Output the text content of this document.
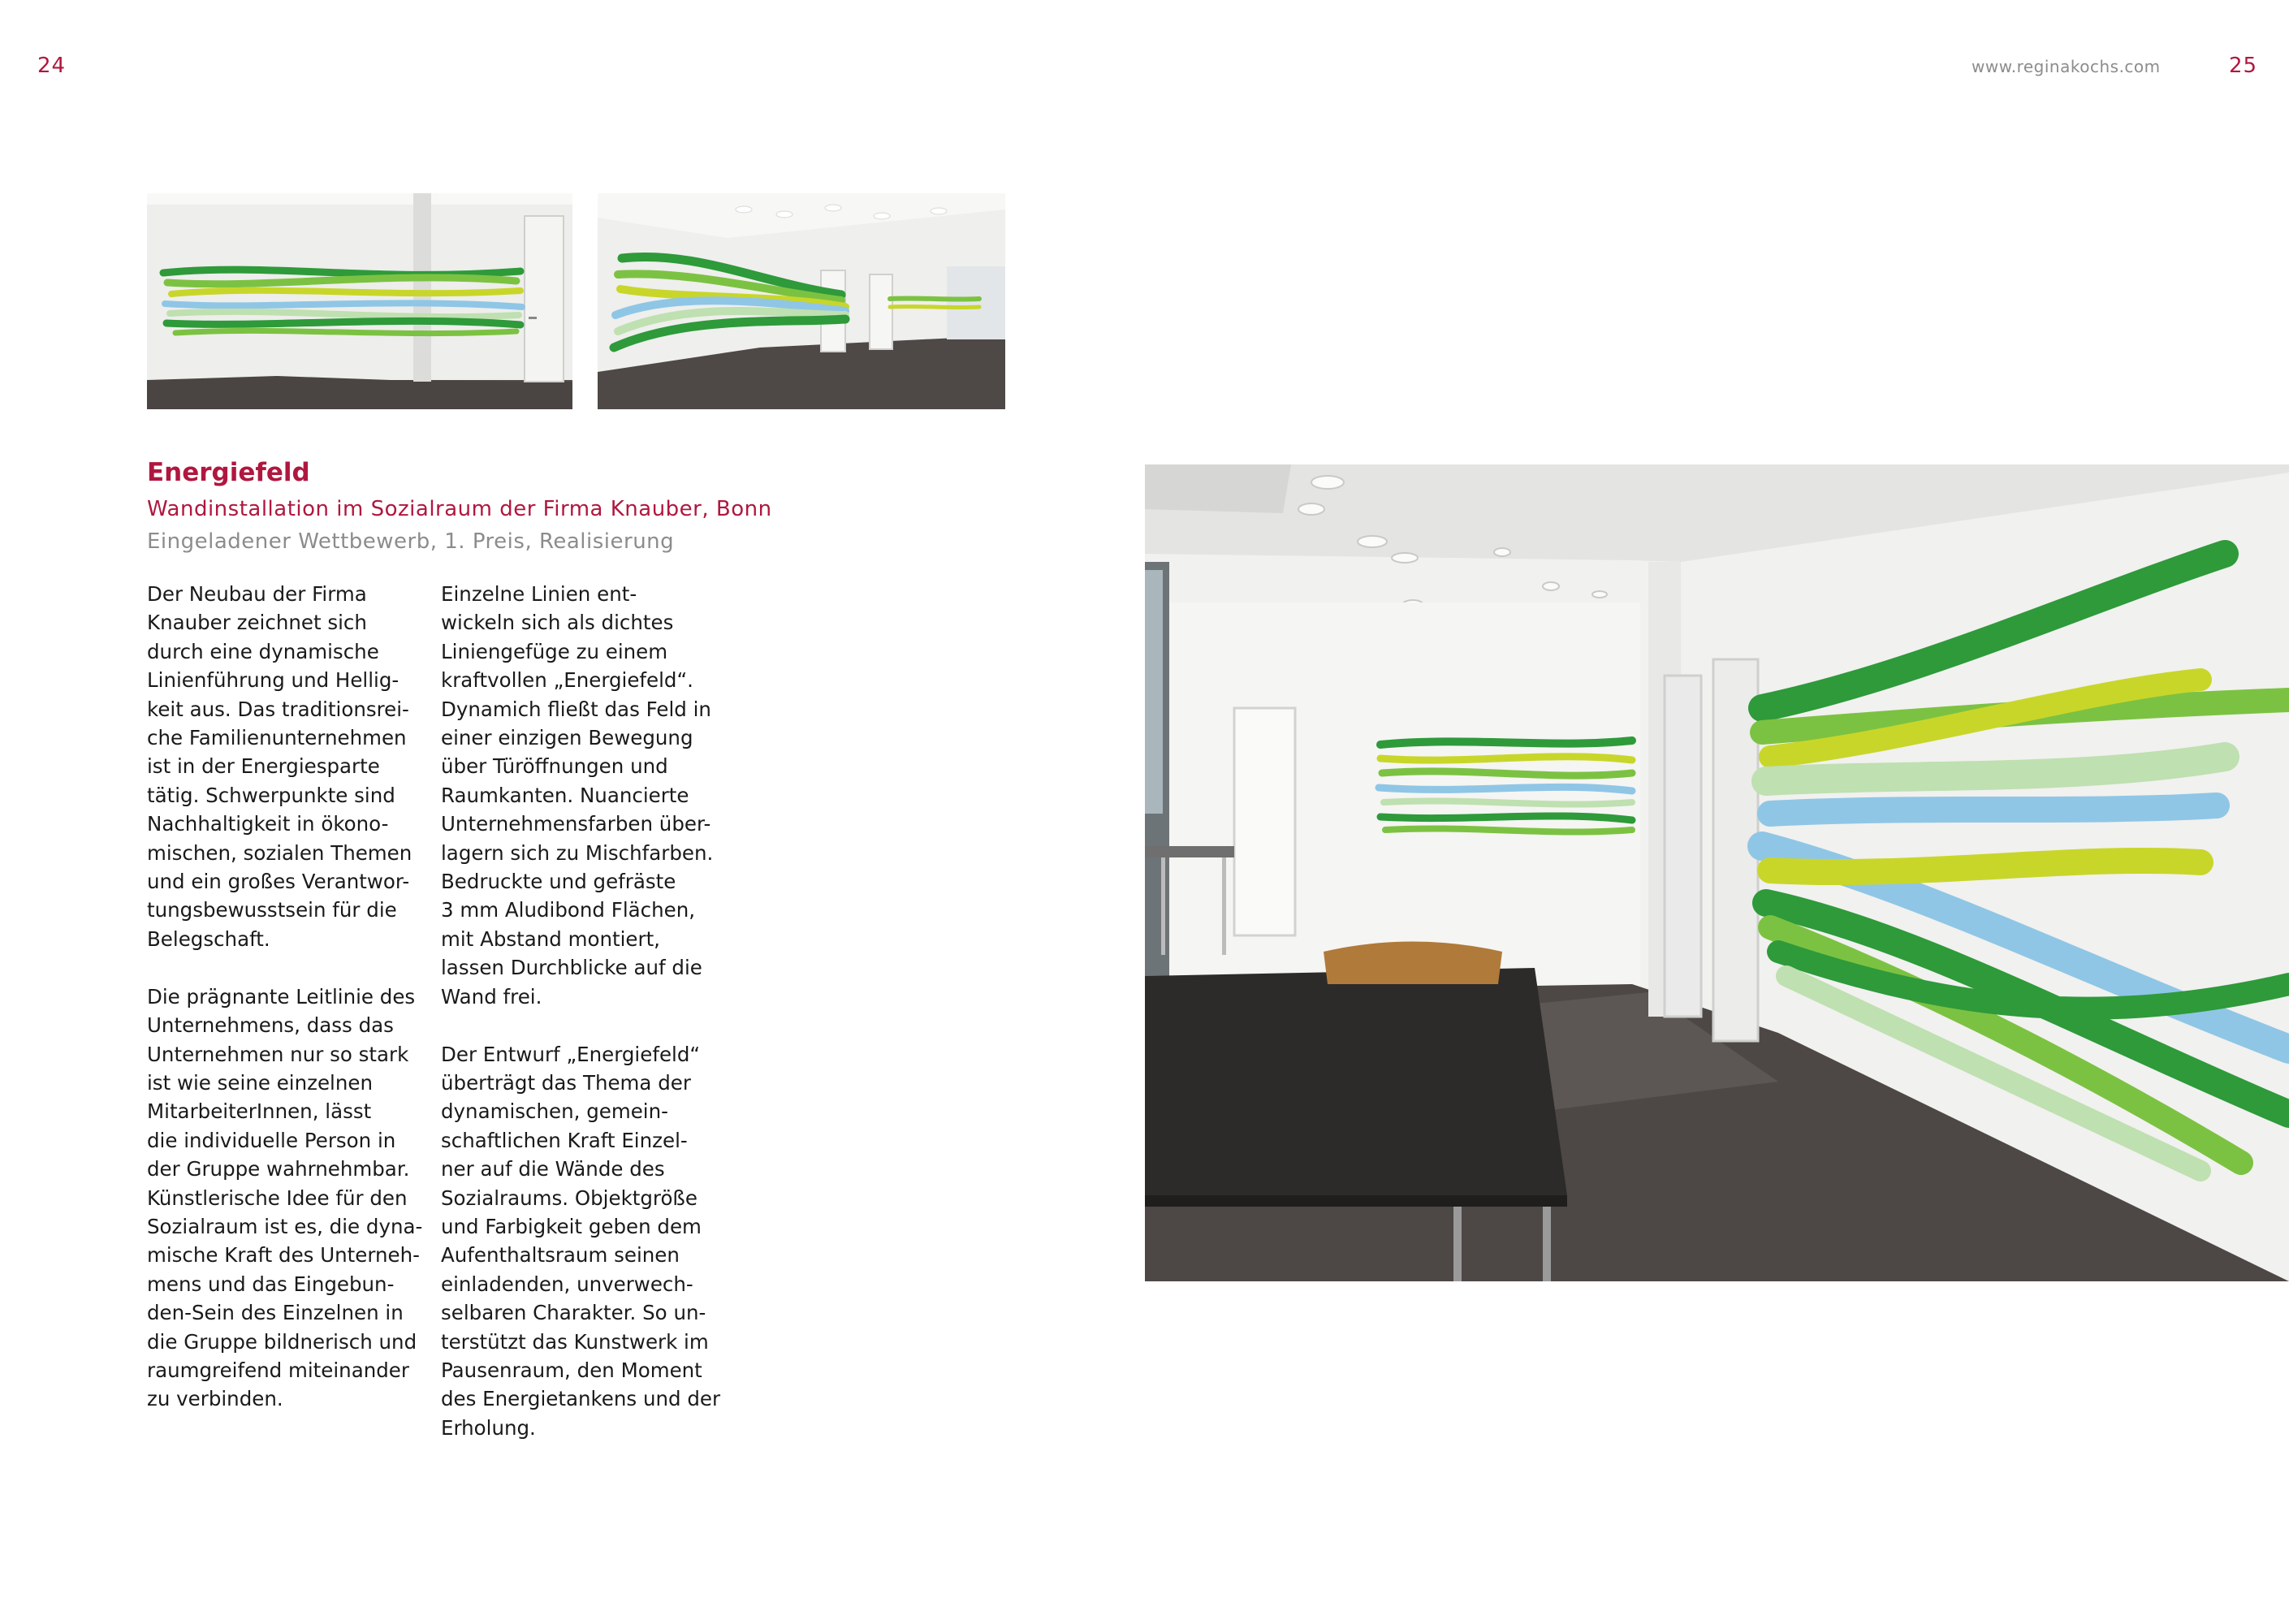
24	www.reginakochs.com	25
Energiefeld
Wandinstallation im Sozialraum der Firma Knauber, Bonn
Eingeladener Wettbewerb, 1. Preis, Realisierung
Der Neubau der Firma
Knauber zeichnet sich
durch eine dynamische
Linienführung und Hellig-
keit aus. Das traditionsrei-
che Familienunternehmen
ist in der Energiesparte
tätig. Schwerpunkte sind
Nachhaltigkeit in ökono-
mischen, sozialen Themen
und ein großes Verantwor-
tungsbewusstsein für die
Belegschaft.

Die prägnante Leitlinie des
Unternehmens, dass das
Unternehmen nur so stark
ist wie seine einzelnen
MitarbeiterInnen, lässt
die individuelle Person in
der Gruppe wahrnehmbar.
Künstlerische Idee für den
Sozialraum ist es, die dyna-
mische Kraft des Unterneh-
mens und das Eingebun-
den-Sein des Einzelnen in
die Gruppe bildnerisch und
raumgreifend miteinander
zu verbinden.
Einzelne Linien ent-
wickeln sich als dichtes
Liniengefüge zu einem
kraftvollen „Energiefeld“.
Dynamich fließt das Feld in
einer einzigen Bewegung
über Türöffnungen und
Raumkanten. Nuancierte
Unternehmensfarben über-
lagern sich zu Mischfarben.
Bedruckte und gefräste
3 mm Aludibond Flächen,
mit Abstand montiert,
lassen Durchblicke auf die
Wand frei.

Der Entwurf „Energiefeld“
überträgt das Thema der
dynamischen, gemein-
schaftlichen Kraft Einzel-
ner auf die Wände des
Sozialraums. Objektgröße
und Farbigkeit geben dem
Aufenthaltsraum seinen
einladenden, unverwech-
selbaren Charakter. So un-
terstützt das Kunstwerk im
Pausenraum, den Moment
des Energietankens und der
Erholung.
